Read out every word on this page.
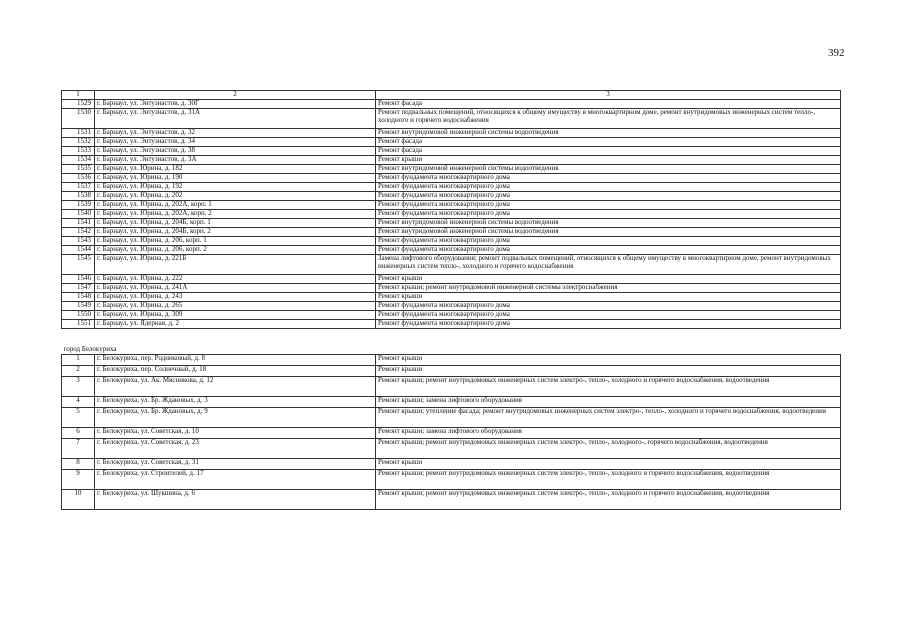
392
1	2	3
1529	г. Барнаул, ул. Энтузиастов, д. 30Г	Ремонт фасада
1530	г. Барнаул, ул. Энтузиастов, д. 31А	Ремонт подвальных помещений, относящихся к общему имуществу в многоквартирном доме, ремонт внутридомовых инженерных систем тепло-, холодного и горячего водоснабжения
1531	г. Барнаул, ул. Энтузиастов, д. 32	Ремонт внутридомовой инженерной системы водоотведения
1532	г. Барнаул, ул. Энтузиастов, д. 34	Ремонт фасада
1533	г. Барнаул, ул. Энтузиастов, д. 38	Ремонт фасада
1534	г. Барнаул, ул. Энтузиастов, д. 3А	Ремонт крыши
1535	г. Барнаул, ул. Юрина, д. 182	Ремонт внутридомовой инженерной системы водоотведения
1536	г. Барнаул, ул. Юрина, д. 190	Ремонт фундамента многоквартирного дома
1537	г. Барнаул, ул. Юрина, д. 192	Ремонт фундамента многоквартирного дома
1538	г. Барнаул, ул. Юрина, д. 202	Ремонт фундамента многоквартирного дома
1539	г. Барнаул, ул. Юрина, д. 202А, корп. 1	Ремонт фундамента многоквартирного дома
1540	г. Барнаул, ул. Юрина, д. 202А, корп. 2	Ремонт фундамента многоквартирного дома
1541	г. Барнаул, ул. Юрина, д. 204Б, корп. 1	Ремонт внутридомовой инженерной системы водоотведения
1542	г. Барнаул, ул. Юрина, д. 204Б, корп. 2	Ремонт внутридомовой инженерной системы водоотведения
1543	г. Барнаул, ул. Юрина, д. 206, корп. 1	Ремонт фундамента многоквартирного дома
1544	г. Барнаул, ул. Юрина, д. 206, корп. 2	Ремонт фундамента многоквартирного дома
1545	г. Барнаул, ул. Юрина, д. 221Б	Замена лифтового оборудования; ремонт подвальных помещений, относящихся к общему имуществу в многоквартирном доме, ремонт внутридомовых инженерных систем тепло-, холодного и горячего водоснабжения
1546	г. Барнаул, ул. Юрина, д. 222	Ремонт крыши
1547	г. Барнаул, ул. Юрина, д. 241А	Ремонт крыши; ремонт внутридомовой инженерной системы электроснабжения
1548	г. Барнаул, ул. Юрина, д. 243	Ремонт крыши
1549	г. Барнаул, ул. Юрина, д. 265	Ремонт фундамента многоквартирного дома
1550	г. Барнаул, ул. Юрина, д. 309	Ремонт фундамента многоквартирного дома
1551	г. Барнаул, ул. Ядерная, д. 2	Ремонт фундамента многоквартирного дома

город Белокуриха		
1	г. Белокуриха, пер. Родниковый, д. 8	Ремонт крыши
2	г. Белокуриха, пер. Солнечный, д. 18	Ремонт крыши
3	г. Белокуриха, ул. Ак. Мясникова, д. 12	Ремонт крыши; ремонт внутридомовых инженерных систем электро-, тепло-, холодного и горячего водоснабжения, водоотведения
4	г. Белокуриха, ул. Бр. Ждановых, д. 3	Ремонт крыши; замена лифтового оборудования
5	г. Белокуриха, ул. Бр. Ждановых, д. 9	Ремонт крыши; утепление фасада; ремонт внутридомовых инженерных систем электро-, тепло-, холодного и горячего водоснабжения, водоотведения
6	г. Белокуриха, ул. Советская, д. 10	Ремонт крыши; замена лифтового оборудования
7	г. Белокуриха, ул. Советская, д. 23	Ремонт крыши; ремонт внутридомовых инженерных систем электро-, тепло-, холодного-, горячего водоснабжения, водоотведения
8	г. Белокуриха, ул. Советская, д. 31	Ремонт крыши
9	г. Белокуриха, ул. Строителей, д. 17	Ремонт крыши; ремонт внутридомовых инженерных систем электро-, тепло-, холодного и горячего водоснабжения, водоотведения
10	г. Белокуриха, ул. Шукшина, д. 6	Ремонт крыши; ремонт внутридомовых инженерных систем электро-, тепло-, холодного и горячего водоснабжения, водоотведения
